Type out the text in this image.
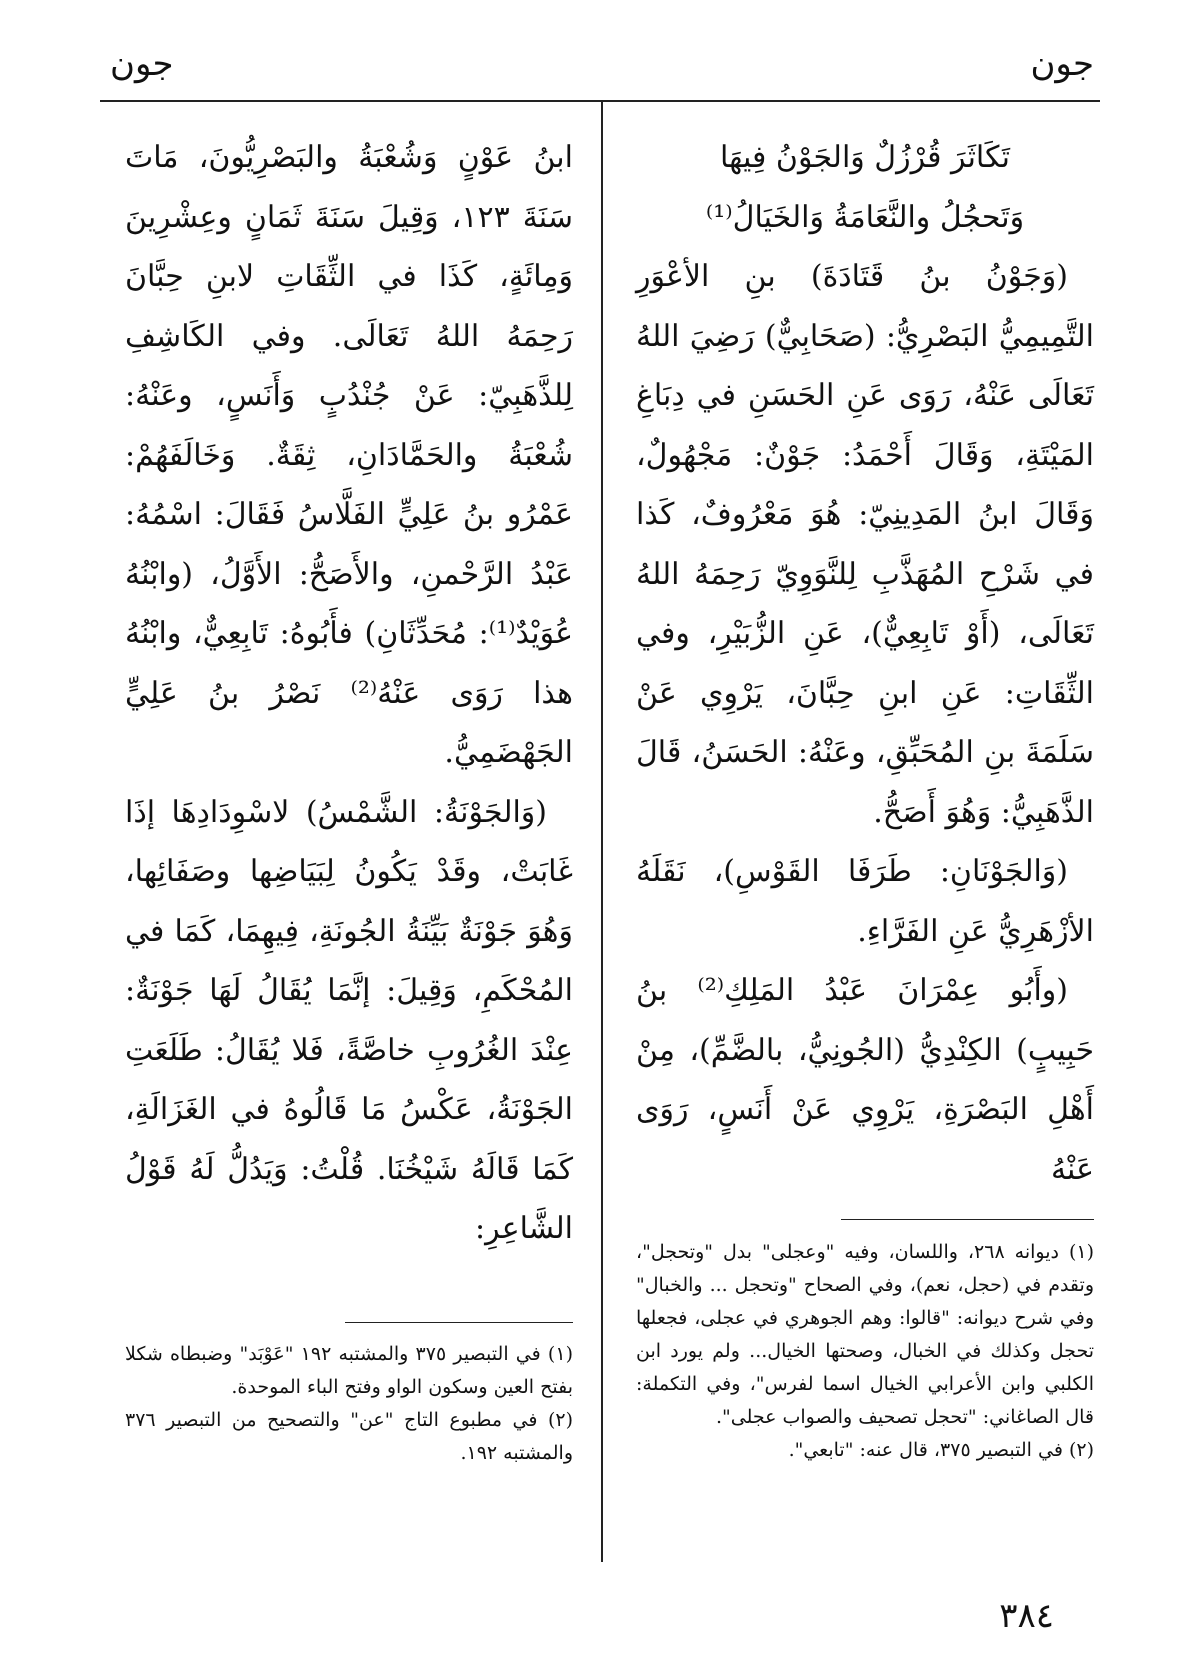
جون
جون

تَكَاثَرَ قُرْزُلٌ وَالجَوْنُ فِيهَا

وَتَحجُلُ والنَّعَامَةُ وَالخَيَالُ⁽¹⁾

(وَجَوْنُ بنُ قَتَادَةَ) بنِ الأعْوَرِ التَّمِيمِيُّ البَصْرِيُّ: (صَحَابِيٌّ) رَضِيَ اللهُ تَعَالَى عَنْهُ، رَوَى عَنِ الحَسَنِ في دِبَاغِ المَيْتَةِ، وَقَالَ أَحْمَدُ: جَوْنٌ: مَجْهُولٌ، وَقَالَ ابنُ المَدِينِيّ: هُوَ مَعْرُوفٌ، كَذا في شَرْحِ المُهَذَّبِ لِلنَّوَوِيّ رَحِمَهُ اللهُ تَعَالَى، (أَوْ تَابِعِيٌّ)، عَنِ الزُّبَيْرِ، وفي الثِّقَاتِ: عَنِ ابنِ حِبَّانَ، يَرْوِي عَنْ سَلَمَةَ بنِ المُحَبِّقِ، وعَنْهُ: الحَسَنُ، قَالَ الذَّهَبِيُّ: وَهُوَ أَصَحُّ.

(وَالجَوْنَانِ: طَرَفَا القَوْسِ)، نَقَلَهُ الأزْهَرِيُّ عَنِ الفَرَّاءِ.

(وأَبُو عِمْرَانَ عَبْدُ المَلِكِ⁽²⁾ بنُ حَبِيبٍ) الكِنْدِيُّ (الجُونِيُّ، بالضَّمِّ)، مِنْ أَهْلِ البَصْرَةِ، يَرْوِي عَنْ أَنَسٍ، رَوَى عَنْهُ

(١) ديوانه ٢٦٨، واللسان، وفيه "وعجلى" بدل "وتحجل"، وتقدم في (حجل، نعم)، وفي الصحاح "وتحجل ... والخبال" وفي شرح ديوانه: "قالوا: وهم الجوهري في عجلى، فجعلها تحجل وكذلك في الخبال، وصحتها الخيال... ولم يورد ابن الكلبي وابن الأعرابي الخيال اسما لفرس"، وفي التكملة: قال الصاغاني: "تحجل تصحيف والصواب عجلى".

(٢) في التبصير ٣٧٥، قال عنه: "تابعي".

ابنُ عَوْنٍ وَشُعْبَةُ والبَصْرِيُّونَ، مَاتَ سَنَةَ ١٢٣، وَقِيلَ سَنَةَ ثَمَانٍ وعِشْرِينَ وَمِائَةٍ، كَذَا في الثِّقَاتِ لابنِ حِبَّانَ رَحِمَهُ اللهُ تَعَالَى. وفي الكَاشِفِ لِلذَّهَبِيّ: عَنْ جُنْدُبٍ وَأَنَسٍ، وعَنْهُ: شُعْبَةُ والحَمَّادَانِ، ثِقَةٌ. وَخَالَفَهُمْ: عَمْرُو بنُ عَلِيٍّ الفَلَّاسُ فَقَالَ: اسْمُهُ: عَبْدُ الرَّحْمنِ، والأَصَحُّ: الأَوَّلُ، (وابْنُهُ عُوَيْدٌ⁽¹⁾: مُحَدِّثَانِ) فأَبُوهُ: تَابِعِيٌّ، وابْنُهُ هذا رَوَى عَنْهُ⁽²⁾ نَصْرُ بنُ عَلِيٍّ الجَهْضَمِيُّ.

(وَالجَوْنَةُ: الشَّمْسُ) لاسْوِدَادِهَا إذَا غَابَتْ، وقَدْ يَكُونُ لِبَيَاضِها وصَفَائِها، وَهُوَ جَوْنَةٌ بَيِّنَةُ الجُونَةِ، فِيهِمَا، كَمَا في المُحْكَمِ، وَقِيلَ: إنَّمَا يُقَالُ لَهَا جَوْنَةٌ: عِنْدَ الغُرُوبِ خاصَّةً، فَلا يُقَالُ: طَلَعَتِ الجَوْنَةُ، عَكْسُ مَا قَالُوهُ في الغَزَالَةِ، كَمَا قَالَهُ شَيْخُنَا. قُلْتُ: وَيَدُلُّ لَهُ قَوْلُ الشَّاعِرِ:

(١) في التبصير ٣٧٥ والمشتبه ١٩٢ "عَوْبَد" وضبطاه شكلا بفتح العين وسكون الواو وفتح الباء الموحدة.

(٢) في مطبوع التاج "عن" والتصحيح من التبصير ٣٧٦ والمشتبه ١٩٢.

٣٨٤
